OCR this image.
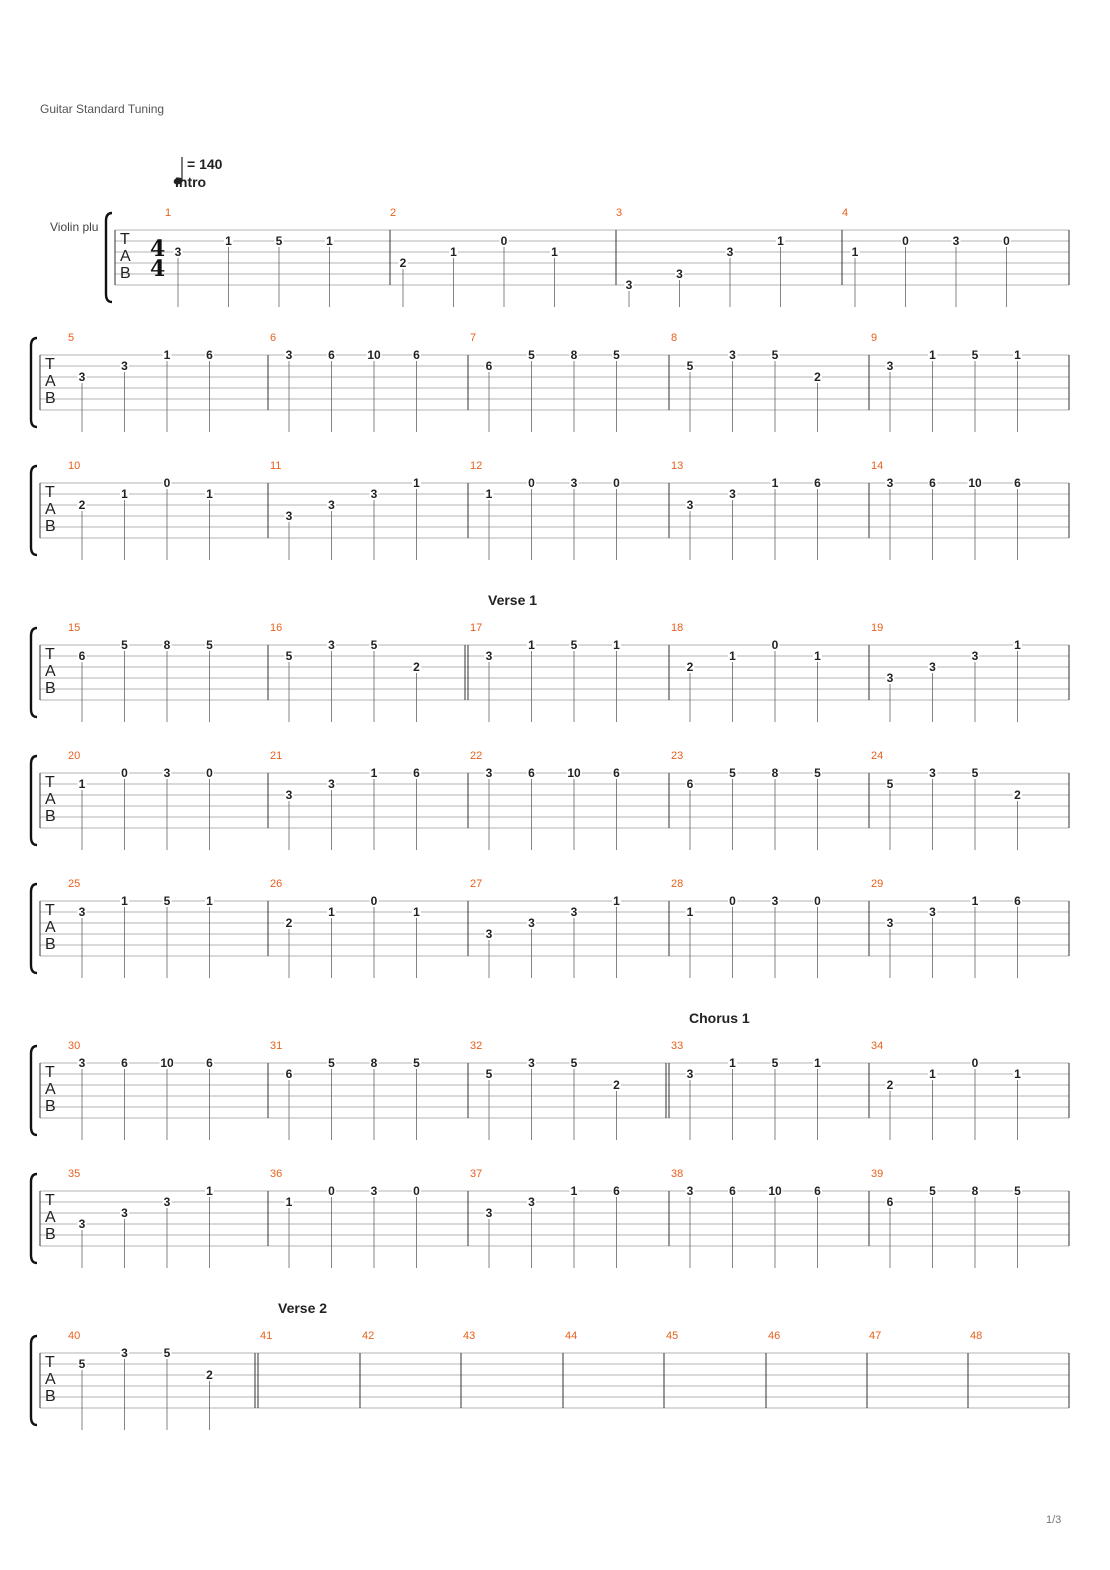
Guitar Standard Tuning
= 140
Violin plu
T
A
B
4
4
1
Intro
3
1	5	1
2
2
1
0
1
3
3
3
3
1
4
1
0	3	0
T
A
B
5
3
3
1	6
6
3	6	10	6
7
6
5	8	5
8
5
3	5
2
9
3
1	5	1
T
A
B
10
2
1
0
1
11
3
3
3
1
12
1
0	3	0
13
3
3
1	6
14
3	6	10	6
T
A
B
15
6
5	8	5
16
5
3	5
2
17
Verse 1
3
1	5	1
18
2
1
0
1
19
3
3
3
1
T
A
B
20
1
0	3	0
21
3
3
1	6
22
3	6	10	6
23
6
5	8	5
24
5
3	5
2
T
A
B
25
3
1	5	1
26
2
1
0
1
27
3
3
3
1
28
1
0	3	0
29
3
3
1	6
T
A
B
30
3	6	10	6
31
6
5	8	5
32
5
3	5
2
33
Chorus 1
3
1	5	1
34
2
1
0
1
T
A
B
35
3
3
3
1
36
1
0	3	0
37
3
3
1	6
38
3	6	10	6
39
6
5	8	5
T
A
B
40
5
3	5
2
41
Verse 2
42	43	44	45	46	47	48
1/3
